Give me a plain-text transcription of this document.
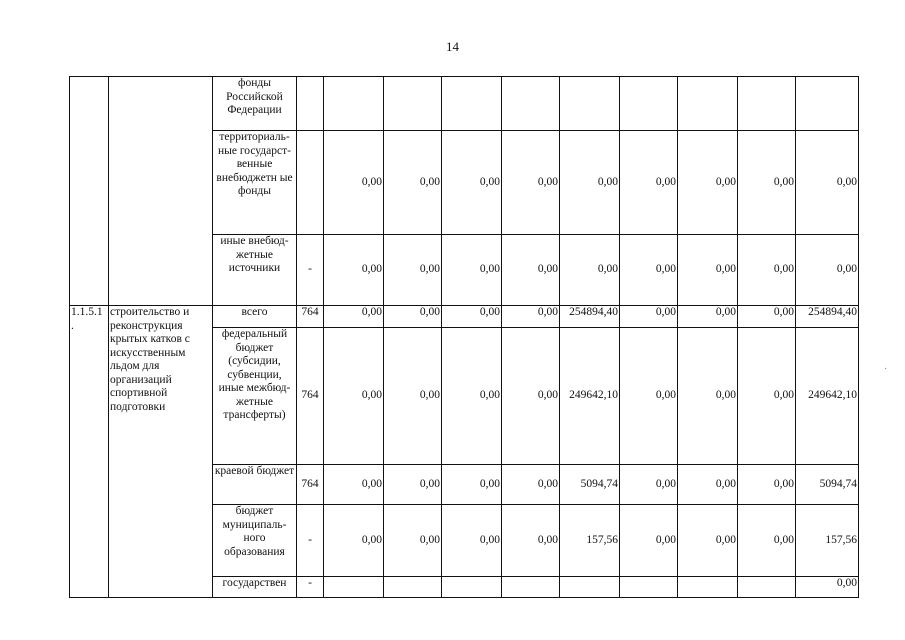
14
		фонды Российской Федерации										
		территориаль-ные государст-венные внебюджетн ые фонды		0,00	0,00	0,00	0,00	0,00	0,00	0,00	0,00	0,00
		иные внебюд-жетные источники	-	0,00	0,00	0,00	0,00	0,00	0,00	0,00	0,00	0,00
1.1.5.1 .	строительство и реконструкция крытых катков с искусственным льдом для организаций спортивной подготовки	всего	764	0,00	0,00	0,00	0,00	254894,40	0,00	0,00	0,00	254894,40
		федеральный бюджет (субсидии, субвенции, иные межбюд-жетные трансферты)	764	0,00	0,00	0,00	0,00	249642,10	0,00	0,00	0,00	249642,10
		краевой бюджет	764	0,00	0,00	0,00	0,00	5094,74	0,00	0,00	0,00	5094,74
		бюджет муниципаль-ного образования	-	0,00	0,00	0,00	0,00	157,56	0,00	0,00	0,00	157,56
		государствен	-									0,00
·
